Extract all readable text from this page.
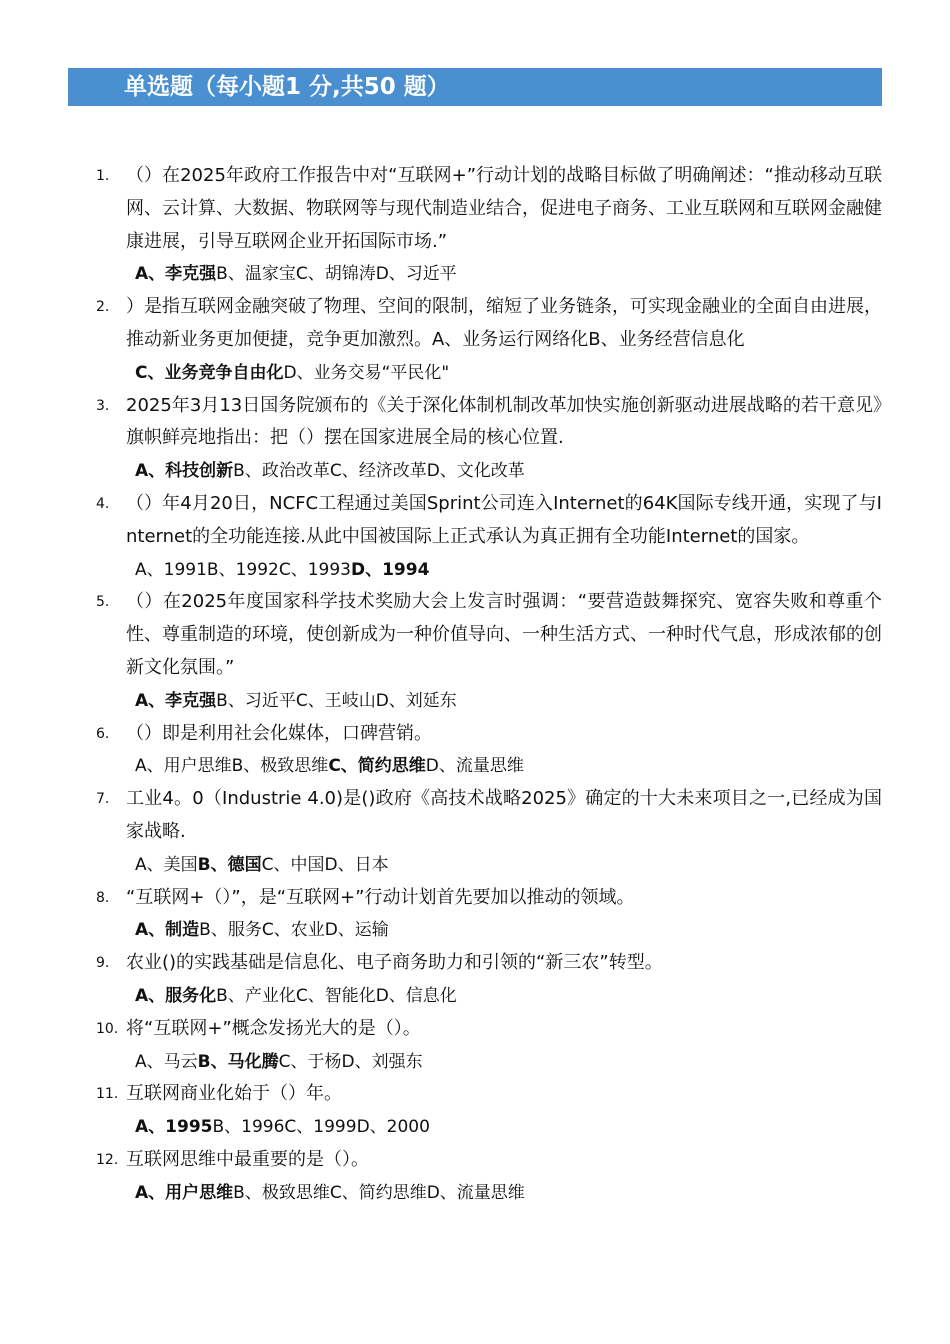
单选题（每小题1 分,共50 题）
1. （）在2025年政府工作报告中对“互联网+”行动计划的战略目标做了明确阐述：“推动移动互联网、云计算、大数据、物联网等与现代制造业结合，促进电子商务、工业互联网和互联网金融健康进展，引导互联网企业开拓国际市场.”
A、李克强B、温家宝C、胡锦涛D、习近平
2. ）是指互联网金融突破了物理、空间的限制，缩短了业务链条，可实现金融业的全面自由进展，推动新业务更加便捷，竞争更加激烈。A、业务运行网络化B、业务经营信息化
C、业务竞争自由化D、业务交易“平民化"
3. 2025年3月13日国务院颁布的《关于深化体制机制改革加快实施创新驱动进展战略的若干意见》旗帜鲜亮地指出：把（）摆在国家进展全局的核心位置.
A、科技创新B、政治改革C、经济改革D、文化改革
4. （）年4月20日，NCFC工程通过美国Sprint公司连入Internet的64K国际专线开通，实现了与Internet的全功能连接.从此中国被国际上正式承认为真正拥有全功能Internet的国家。
A、1991B、1992C、1993D、1994
5. （）在2025年度国家科学技术奖励大会上发言时强调：“要营造鼓舞探究、宽容失败和尊重个性、尊重制造的环境，使创新成为一种价值导向、一种生活方式、一种时代气息，形成浓郁的创新文化氛围。”
A、李克强B、习近平C、王岐山D、刘延东
6. （）即是利用社会化媒体，口碑营销。
A、用户思维B、极致思维C、简约思维D、流量思维
7. 工业4。0（Industrie 4.0)是()政府《高技术战略2025》确定的十大未来项目之一,已经成为国家战略.
A、美国B、德国C、中国D、日本
8. “互联网+（）”，是“互联网+”行动计划首先要加以推动的领域。
A、制造B、服务C、农业D、运输
9. 农业()的实践基础是信息化、电子商务助力和引领的“新三农”转型。
A、服务化B、产业化C、智能化D、信息化
10. 将“互联网+”概念发扬光大的是（）。
A、马云B、马化腾C、于杨D、刘强东
11. 互联网商业化始于（）年。
A、1995B、1996C、1999D、2000
12. 互联网思维中最重要的是（）。
A、用户思维B、极致思维C、简约思维D、流量思维
